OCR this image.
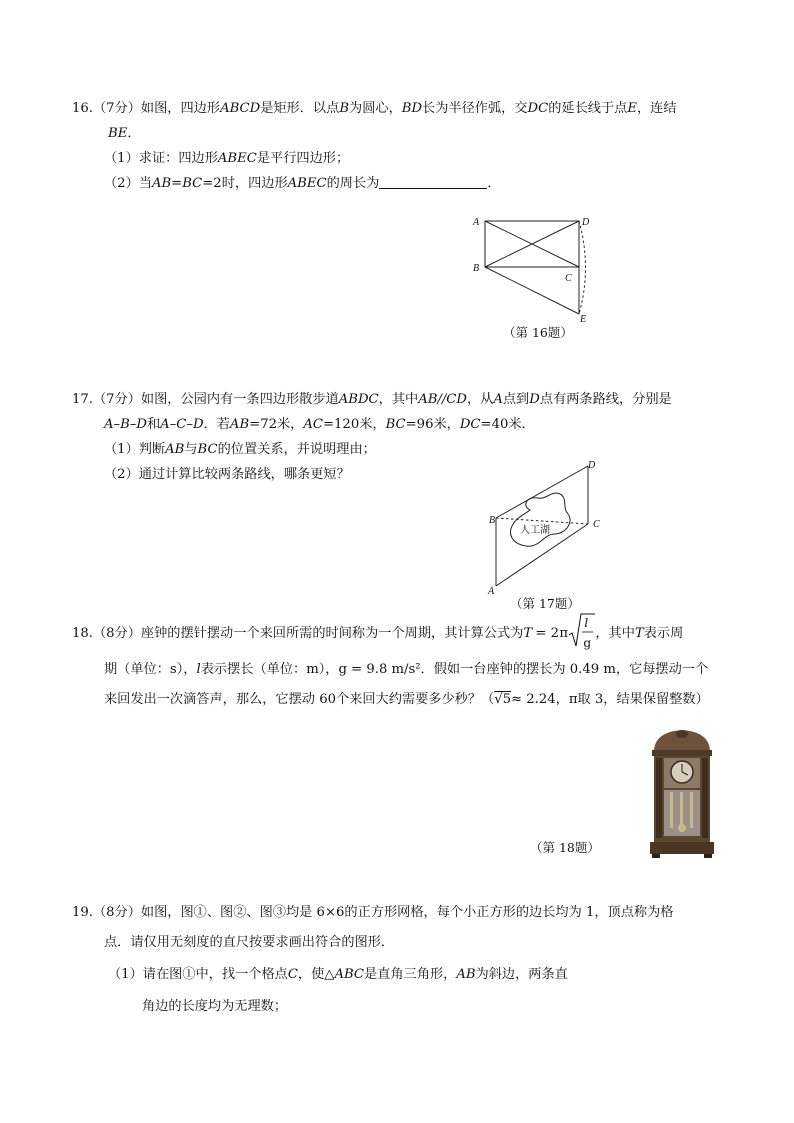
16.（7分）如图，四边形ABCD是矩形．以点B为圆心，BD长为半径作弧，交DC的延长线于点E，连结
BE．
（1）求证：四边形ABEC是平行四边形；
（2）当AB=BC=2时，四边形ABEC的周长为	．
A
B
C
D
E
（第 16题）
17.（7分）如图，公园内有一条四边形散步道ABDC，其中AB//CD，从A点到D点有两条路线，分别是
A–B–D和A–C–D．若AB=72米，AC=120米，BC=96米，DC=40米．
（1）判断AB与BC的位置关系，并说明理由；
（2）通过计算比较两条路线，哪条更短？
B	C
D
A
人工湖
（第 17题）
18.（8分）座钟的摆针摆动一个来回所需的时间称为一个周期，其计算公式为 T = 2 π
l
g
，其中T表示周
期（单位：s），l表示摆长（单位：m），g = 9.8 m/s²．假如一台座钟的摆长为 0.49 m，它每摆动一个
来回发出一次滴答声，那么，它摆动 60个来回大约需要多少秒？（√5≈ 2.24，π取 3，结果保留整数）
（第 18题）
19.（8分）如图，图①、图②、图③均是 6×6的正方形网格，每个小正方形的边长均为 1，顶点称为格
点．请仅用无刻度的直尺按要求画出符合的图形．
（1）请在图①中，找一个格点C，使△ABC是直角三角形，AB为斜边，两条直
角边的长度均为无理数；
